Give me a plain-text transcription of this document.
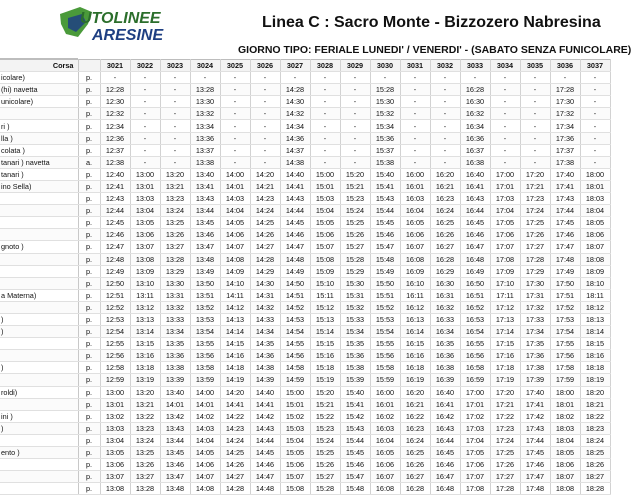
UTOLINEE
ARESINE
Linea C : Sacro Monte - Bizzozero Nabresina
GIORNO TIPO: FERIALE LUNEDI' / VENERDI' - (SABATO SENZA FUNICOLARE)
Corsa		3021	3022	3023	3024	3025	3026	3027	3028	3029	3030	3031	3032	3033	3034	3035	3036	3037
icolare)	p.	-	-	-	-	-	-	-	-	-	-	-	-	-	-	-	-	-
(hi) navetta	p.	12:28	-	-	13:28	-	-	14:28	-	-	15:28	-	-	16:28	-	-	17:28	-
unicolare)	p.	12:30	-	-	13:30	-	-	14:30	-	-	15:30	-	-	16:30	-	-	17:30	-
	p.	12:32	-	-	13:32	-	-	14:32	-	-	15:32	-	-	16:32	-	-	17:32	-
ri )	p.	12:34	-	-	13:34	-	-	14:34	-	-	15:34	-	-	16:34	-	-	17:34	-
lla )	p.	12:36	-	-	13:36	-	-	14:36	-	-	15:36	-	-	16:36	-	-	17:36	-
colata )	p.	12:37	-	-	13:37	-	-	14:37	-	-	15:37	-	-	16:37	-	-	17:37	-
tanari ) navetta	a.	12:38	-	-	13:38	-	-	14:38	-	-	15:38	-	-	16:38	-	-	17:38	-
tanari )	p.	12:40	13:00	13:20	13:40	14:00	14:20	14:40	15:00	15:20	15:40	16:00	16:20	16:40	17:00	17:20	17:40	18:00
ino Sella)	p.	12:41	13:01	13:21	13:41	14:01	14:21	14:41	15:01	15:21	15:41	16:01	16:21	16:41	17:01	17:21	17:41	18:01
	p.	12:43	13:03	13:23	13:43	14:03	14:23	14:43	15:03	15:23	15:43	16:03	16:23	16:43	17:03	17:23	17:43	18:03
	p.	12:44	13:04	13:24	13:44	14:04	14:24	14:44	15:04	15:24	15:44	16:04	16:24	16:44	17:04	17:24	17:44	18:04
	p.	12:45	13:05	13:25	13:45	14:05	14:25	14:45	15:05	15:25	15:45	16:05	16:25	16:45	17:05	17:25	17:45	18:05
	p.	12:46	13:06	13:26	13:46	14:06	14:26	14:46	15:06	15:26	15:46	16:06	16:26	16:46	17:06	17:26	17:46	18:06
gnoto )	p.	12:47	13:07	13:27	13:47	14:07	14:27	14:47	15:07	15:27	15:47	16:07	16:27	16:47	17:07	17:27	17:47	18:07
	p.	12:48	13:08	13:28	13:48	14:08	14:28	14:48	15:08	15:28	15:48	16:08	16:28	16:48	17:08	17:28	17:48	18:08
	p.	12:49	13:09	13:29	13:49	14:09	14:29	14:49	15:09	15:29	15:49	16:09	16:29	16:49	17:09	17:29	17:49	18:09
	p.	12:50	13:10	13:30	13:50	14:10	14:30	14:50	15:10	15:30	15:50	16:10	16:30	16:50	17:10	17:30	17:50	18:10
a Materna)	p.	12:51	13:11	13:31	13:51	14:11	14:31	14:51	15:11	15:31	15:51	16:11	16:31	16:51	17:11	17:31	17:51	18:11
	p.	12:52	13:12	13:32	13:52	14:12	14:32	14:52	15:12	15:32	15:52	16:12	16:32	16:52	17:12	17:32	17:52	18:12
)	p.	12:53	13:13	13:33	13:53	14:13	14:33	14:53	15:13	15:33	15:53	16:13	16:33	16:53	17:13	17:33	17:53	18:13
)	p.	12:54	13:14	13:34	13:54	14:14	14:34	14:54	15:14	15:34	15:54	16:14	16:34	16:54	17:14	17:34	17:54	18:14
	p.	12:55	13:15	13:35	13:55	14:15	14:35	14:55	15:15	15:35	15:55	16:15	16:35	16:55	17:15	17:35	17:55	18:15
	p.	12:56	13:16	13:36	13:56	14:16	14:36	14:56	15:16	15:36	15:56	16:16	16:36	16:56	17:16	17:36	17:56	18:16
)	p.	12:58	13:18	13:38	13:58	14:18	14:38	14:58	15:18	15:38	15:58	16:18	16:38	16:58	17:18	17:38	17:58	18:18
	p.	12:59	13:19	13:39	13:59	14:19	14:39	14:59	15:19	15:39	15:59	16:19	16:39	16:59	17:19	17:39	17:59	18:19
roldi)	p.	13:00	13:20	13:40	14:00	14:20	14:40	15:00	15:20	15:40	16:00	16:20	16:40	17:00	17:20	17:40	18:00	18:20
	p.	13:01	13:21	14:01	14:01	14:41	14:41	15:01	15:21	15:41	16:01	16:21	16:41	17:01	17:21	17:41	18:01	18:21
ini )	p.	13:02	13:22	13:42	14:02	14:22	14:42	15:02	15:22	15:42	16:02	16:22	16:42	17:02	17:22	17:42	18:02	18:22
)	p.	13:03	13:23	13:43	14:03	14:23	14:43	15:03	15:23	15:43	16:03	16:23	16:43	17:03	17:23	17:43	18:03	18:23
	p.	13:04	13:24	13:44	14:04	14:24	14:44	15:04	15:24	15:44	16:04	16:24	16:44	17:04	17:24	17:44	18:04	18:24
ento )	p.	13:05	13:25	13:45	14:05	14:25	14:45	15:05	15:25	15:45	16:05	16:25	16:45	17:05	17:25	17:45	18:05	18:25
	p.	13:06	13:26	13:46	14:06	14:26	14:46	15:06	15:26	15:46	16:06	16:26	16:46	17:06	17:26	17:46	18:06	18:26
	p.	13:07	13:27	13:47	14:07	14:27	14:47	15:07	15:27	15:47	16:07	16:27	16:47	17:07	17:27	17:47	18:07	18:27
	p.	13:08	13:28	13:48	14:08	14:28	14:48	15:08	15:28	15:48	16:08	16:28	16:48	17:08	17:28	17:48	18:08	18:28
